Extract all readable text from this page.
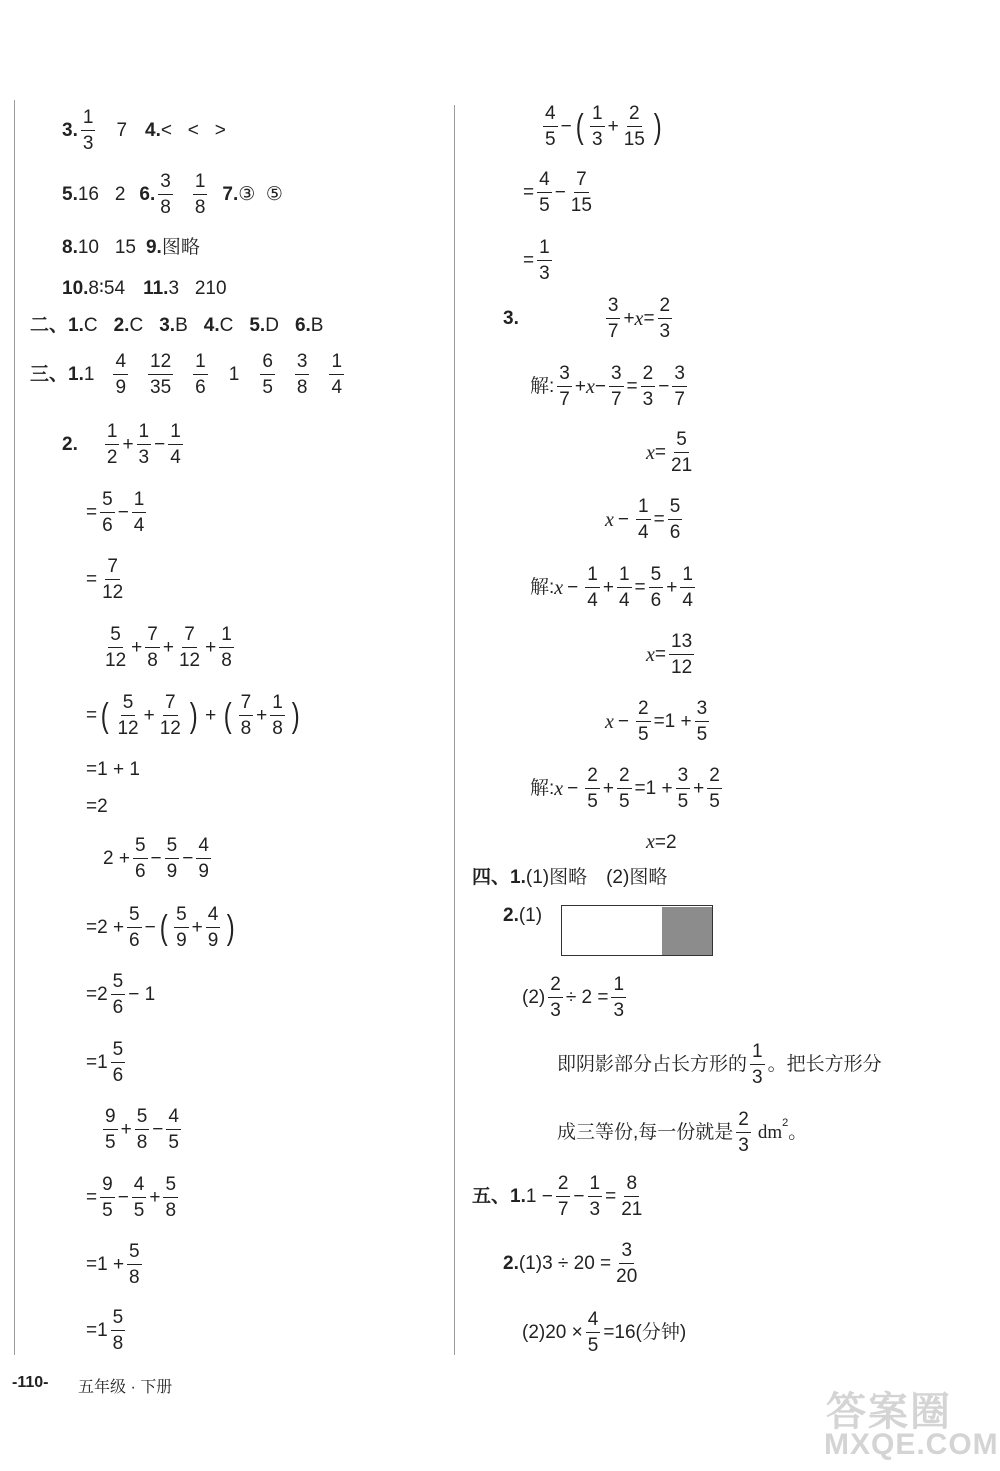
3. $\frac{1}{3} 7$ 4. <   <   >
5. 16   2 6. $\frac{3}{8} \frac{1}{8} 7$. ③  ⑤
8. 10   15 9. 图略
10. 8∶54 11. 3   210
二、 1. C 2. C 3. B 4. C 5. D 6. B
三、 1. $1 \frac{4}{9} \frac{12}{35} \frac{1}{6} 1 \frac{6}{5} \frac{3}{8} \frac{1}{4}$
2. $\frac{1}{2} + \frac{1}{3} - \frac{1}{4}$
= $\frac{5}{6} - \frac{1}{4}$
= $\frac{7}{12}$
$\frac{5}{12} + \frac{7}{8} + \frac{7}{12} + \frac{1}{8}$
= ( $\frac{5}{12} + \frac{7}{12}$ ) + ( $\frac{7}{8} + \frac{1}{8}$ )
=1 + 1
=2
$2 + \frac{5}{6} - \frac{5}{9} - \frac{4}{9}$
$=2 + \frac{5}{6}$ − ( $\frac{5}{9} + \frac{4}{9}$ )
$=2 \frac{5}{6} - 1$
$=1 \frac{5}{6}$
$\frac{9}{5} + \frac{5}{8} - \frac{4}{5}$
= $\frac{9}{5} - \frac{4}{5} + \frac{5}{8}$
$=1 + \frac{5}{8}$
$=1 \frac{5}{8}$
$\frac{4}{5}$ − ( $\frac{1}{3} + \frac{2}{15}$ )
= $\frac{4}{5} - \frac{7}{15}$
= $\frac{1}{3}$
3.	$\frac{3}{7} + x = \frac{2}{3}$
解: $\frac{3}{7} + x - \frac{3}{7} = \frac{2}{3} - \frac{3}{7}$
$x = \frac{5}{21}$
$x - \frac{1}{4} = \frac{5}{6}$
解: $x - \frac{1}{4} + \frac{1}{4} = \frac{5}{6} + \frac{1}{4}$
$x = \frac{13}{12}$
$x - \frac{2}{5} =1 + \frac{3}{5}$
解: $x - \frac{2}{5} + \frac{2}{5} =1 + \frac{3}{5} + \frac{2}{5}$
x =2
四、 1. (1)图略　(2)图略
2. (1)
$(2) \frac{2}{3} \div 2 = \frac{1}{3}$
即阴影部分占长方形的 $\frac{1}{3}$ 。把长方形分
成三等份,每一份就是 $\frac{2}{3} dm^2$ 。
五、 1. $1 - \frac{2}{7} - \frac{1}{3} = \frac{8}{21}$
2. $(1)3 \div 20 = \frac{3}{20}$
$(2)20 \times \frac{4}{5} =16$(分钟)
-110- 五年级 · 下册
答案圈
MXQE.COM
